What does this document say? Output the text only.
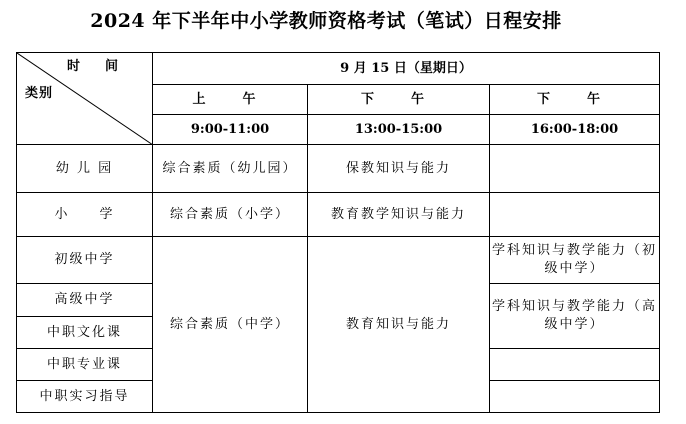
2024 年下半年中小学教师资格考试（笔试）日程安排
时　间
类别	9 月 15 日（星期日）		
	上　午	下　午	下　午
	9:00-11:00	13:00-15:00	16:00-18:00
幼 儿 园	综合素质（幼儿园）	保教知识与能力	
小　　学	综合素质（小学）	教育教学知识与能力	
初级中学	综合素质（中学）	教育知识与能力	学科知识与教学能力（初级中学）
高级中学			学科知识与教学能力（高级中学）
中职文化课			
中职专业课			
中职实习指导			
